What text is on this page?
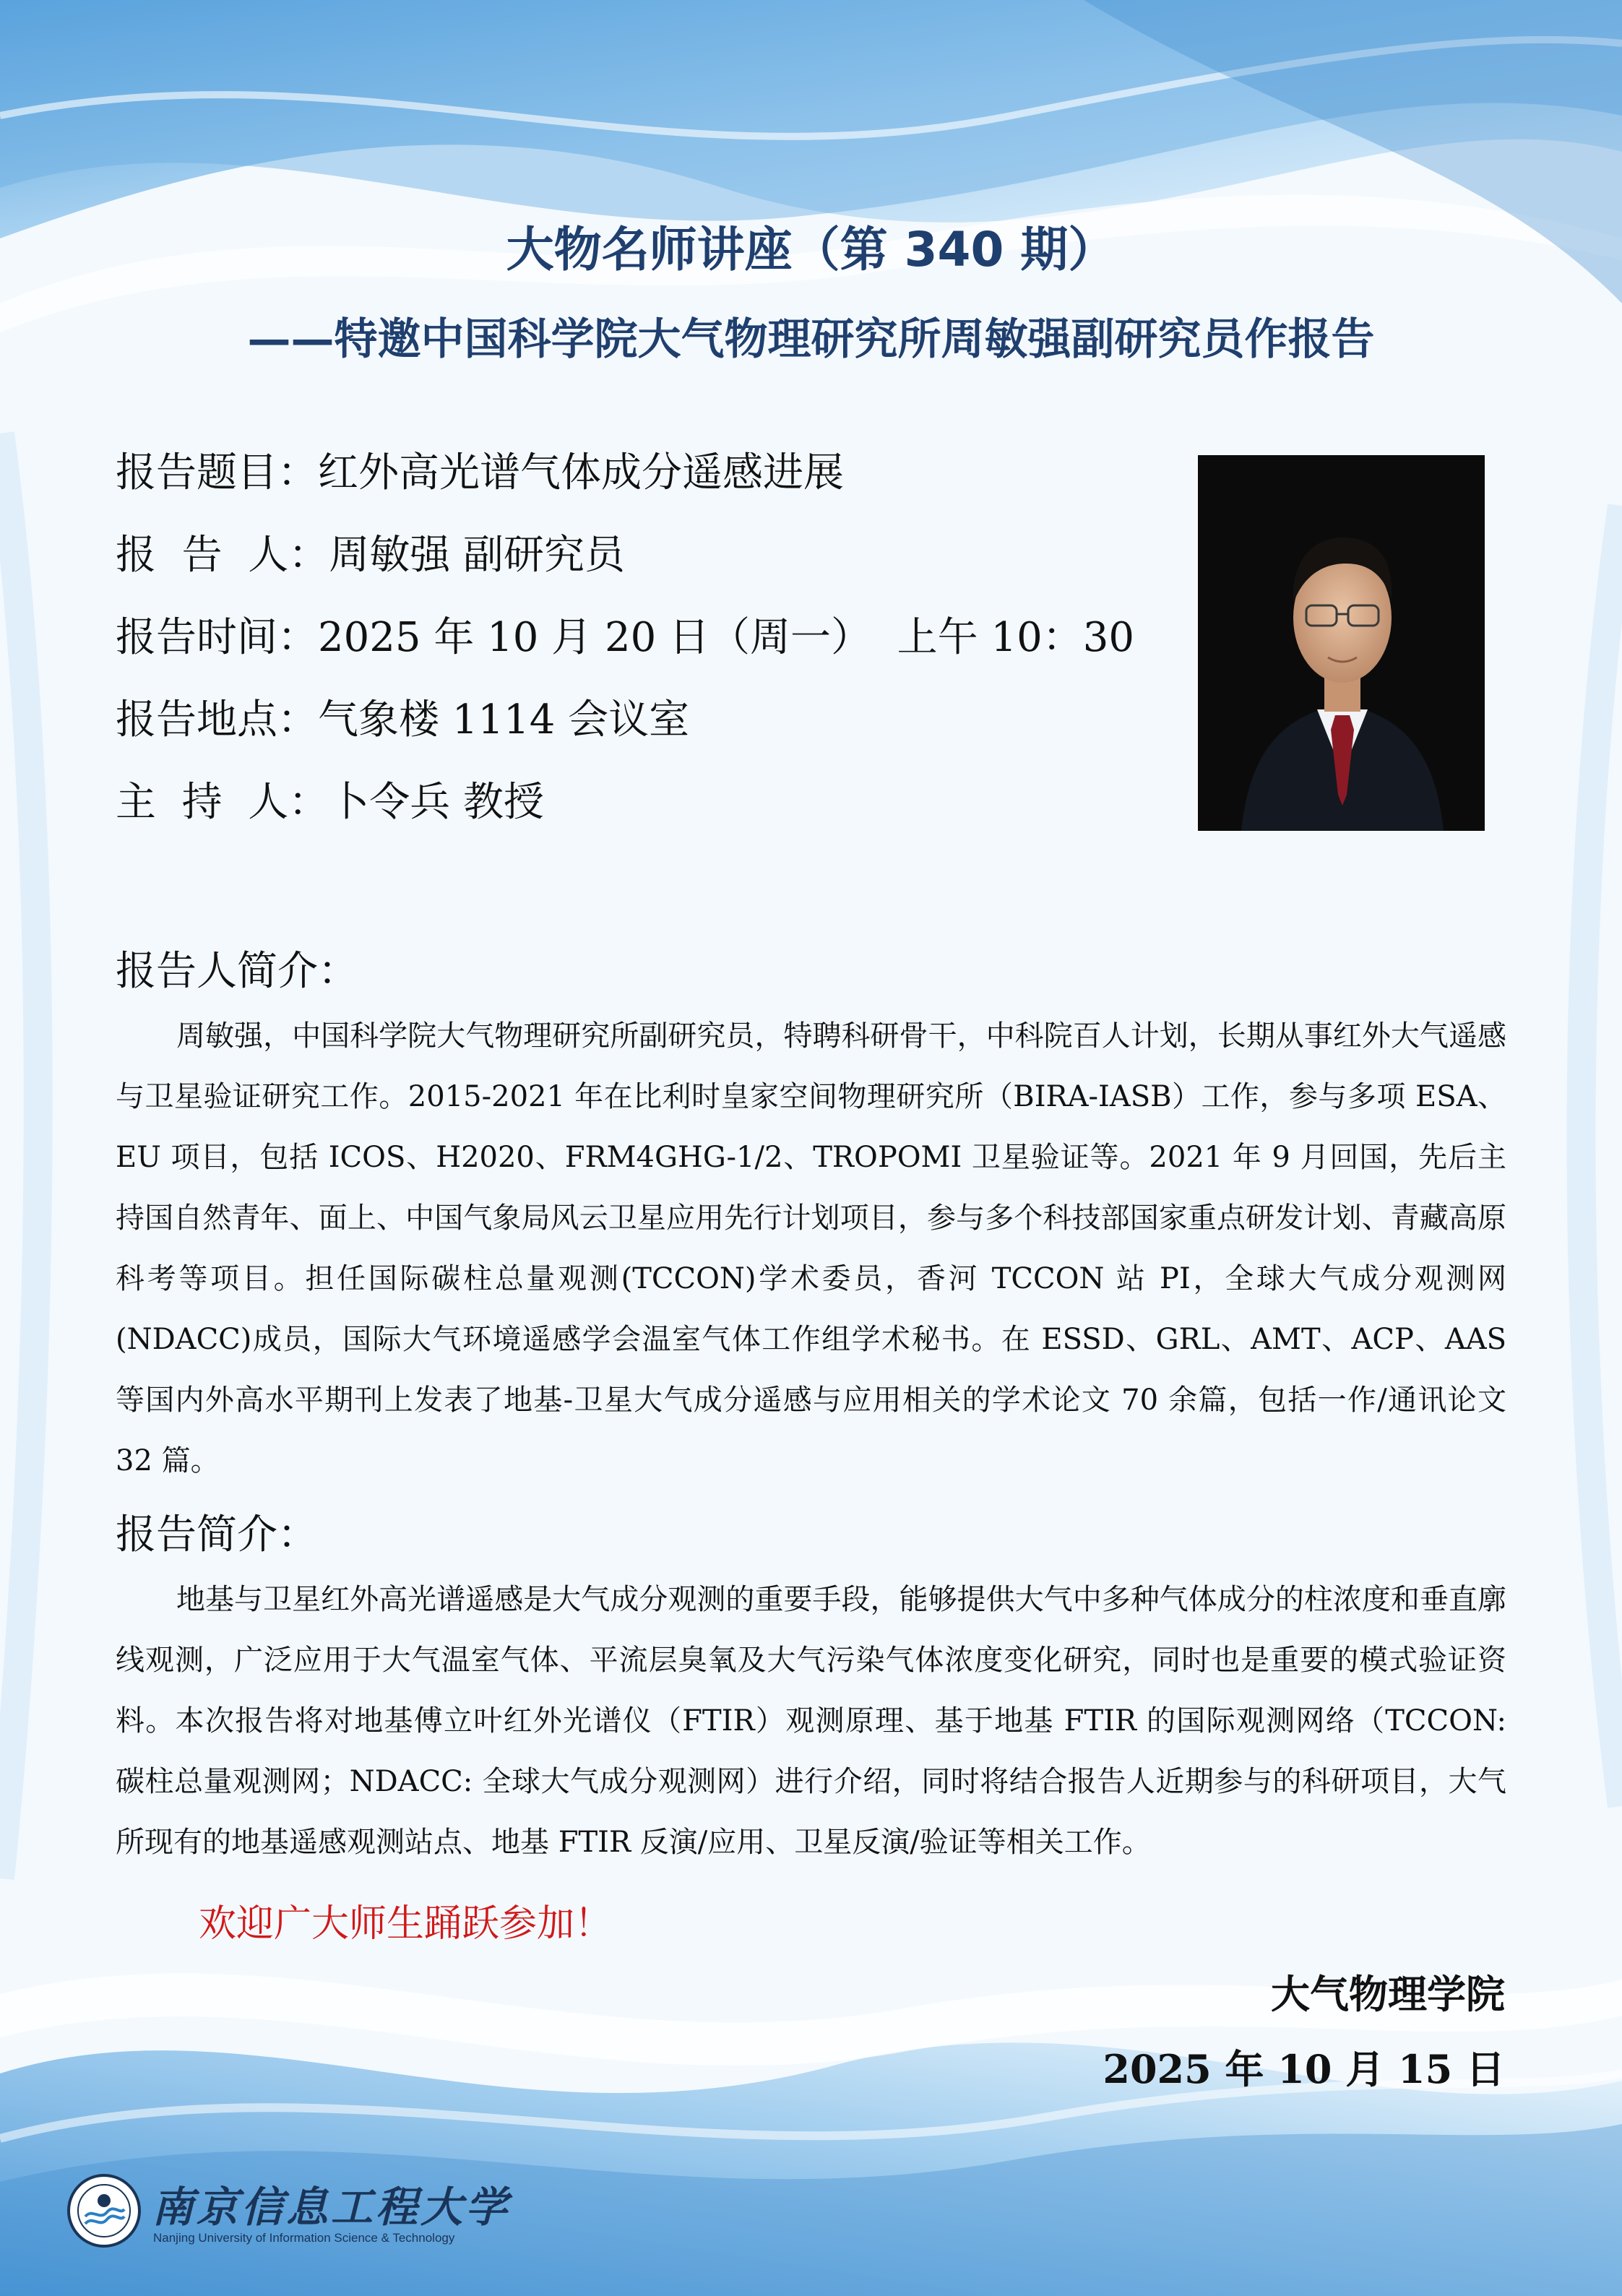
大物名师讲座（第 340 期）
——特邀中国科学院大气物理研究所周敏强副研究员作报告
报告题目：红外高光谱气体成分遥感进展
报  告  人：周敏强 副研究员
报告时间：2025 年 10 月 20 日（周一）  上午 10：30
报告地点：气象楼 1114 会议室
主  持  人：卜令兵 教授
报告人简介：

周敏强，中国科学院大气物理研究所副研究员，特聘科研骨干，中科院百人计划，长期从事红外大气遥感与卫星验证研究工作。2015-2021 年在比利时皇家空间物理研究所（BIRA-IASB）工作，参与多项 ESA、EU 项目，包括 ICOS、H2020、FRM4GHG-1/2、TROPOMI 卫星验证等。2021 年 9 月回国，先后主持国自然青年、面上、中国气象局风云卫星应用先行计划项目，参与多个科技部国家重点研发计划、青藏高原科考等项目。担任国际碳柱总量观测(TCCON)学术委员，香河 TCCON 站 PI，全球大气成分观测网(NDACC)成员，国际大气环境遥感学会温室气体工作组学术秘书。在 ESSD、GRL、AMT、ACP、AAS 等国内外高水平期刊上发表了地基-卫星大气成分遥感与应用相关的学术论文 70 余篇，包括一作/通讯论文 32 篇。

报告简介：

地基与卫星红外高光谱遥感是大气成分观测的重要手段，能够提供大气中多种气体成分的柱浓度和垂直廓线观测，广泛应用于大气温室气体、平流层臭氧及大气污染气体浓度变化研究，同时也是重要的模式验证资料。本次报告将对地基傅立叶红外光谱仪（FTIR）观测原理、基于地基 FTIR 的国际观测网络（TCCON: 碳柱总量观测网；NDACC: 全球大气成分观测网）进行介绍，同时将结合报告人近期参与的科研项目，大气所现有的地基遥感观测站点、地基 FTIR 反演/应用、卫星反演/验证等相关工作。

欢迎广大师生踊跃参加！
大气物理学院
2025 年 10 月 15 日
南京信息工程大学
Nanjing University of Information Science & Technology
